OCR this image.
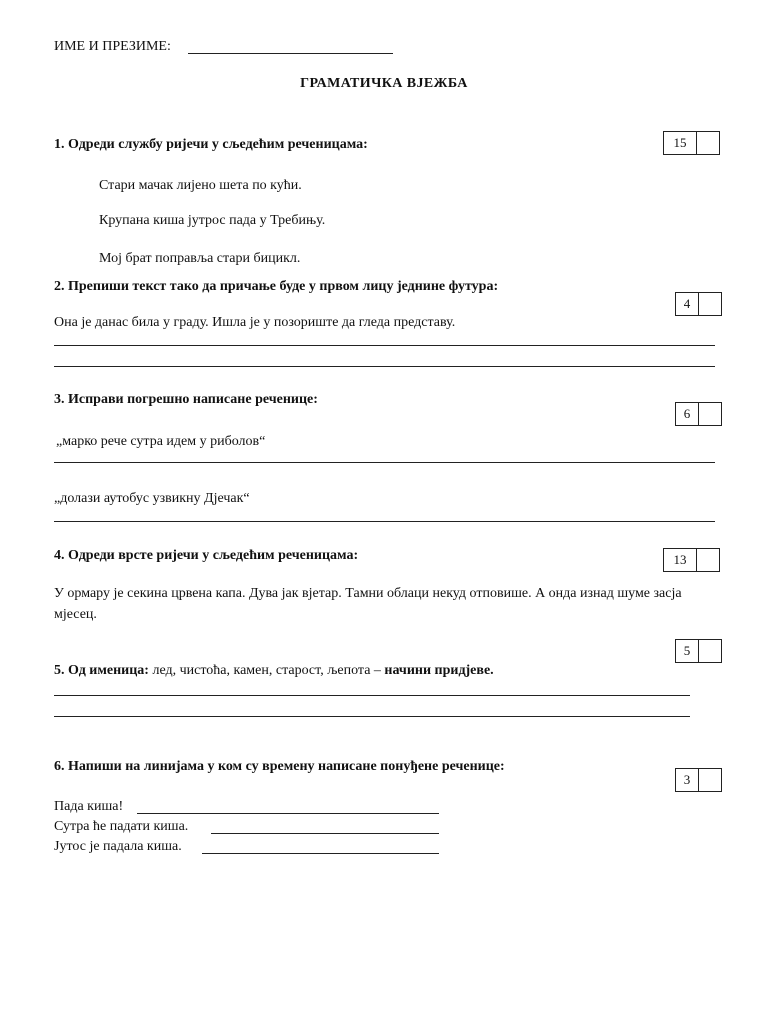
ИМЕ И ПРЕЗИМЕ:
ГРАМАТИЧКА ВЈЕЖБА
1. Одреди службу ријечи у сљедећим реченицама:	15
Стари мачак лијено шета по кући.
Крупана киша јутрос пада у Требињу.
Мој брат поправља стари бицикл.
2. Препиши текст тако да причање буде у првом лицу једнине футура:
4
Она је данас била у граду. Ишла је у позориште да гледа представу.
3. Исправи погрешно написане реченице:
6
„марко рече сутра идем у риболов“
„долази аутобус узвикну Дјечак“
4. Одреди врсте ријечи у сљедећим реченицама:	13
У ормару је секина црвена капа. Дува јак вјетар. Тамни облаци некуд отповише. А онда изнад шуме засја мјесец.
5
5. Од именица: лед, чистоћа, камен, старост, љепота – начини придјеве.
6. Напиши на линијама у ком су времену написане понуђене реченице:
3
Пада киша!
Сутра ће падати киша.
Јутос је падала киша.
